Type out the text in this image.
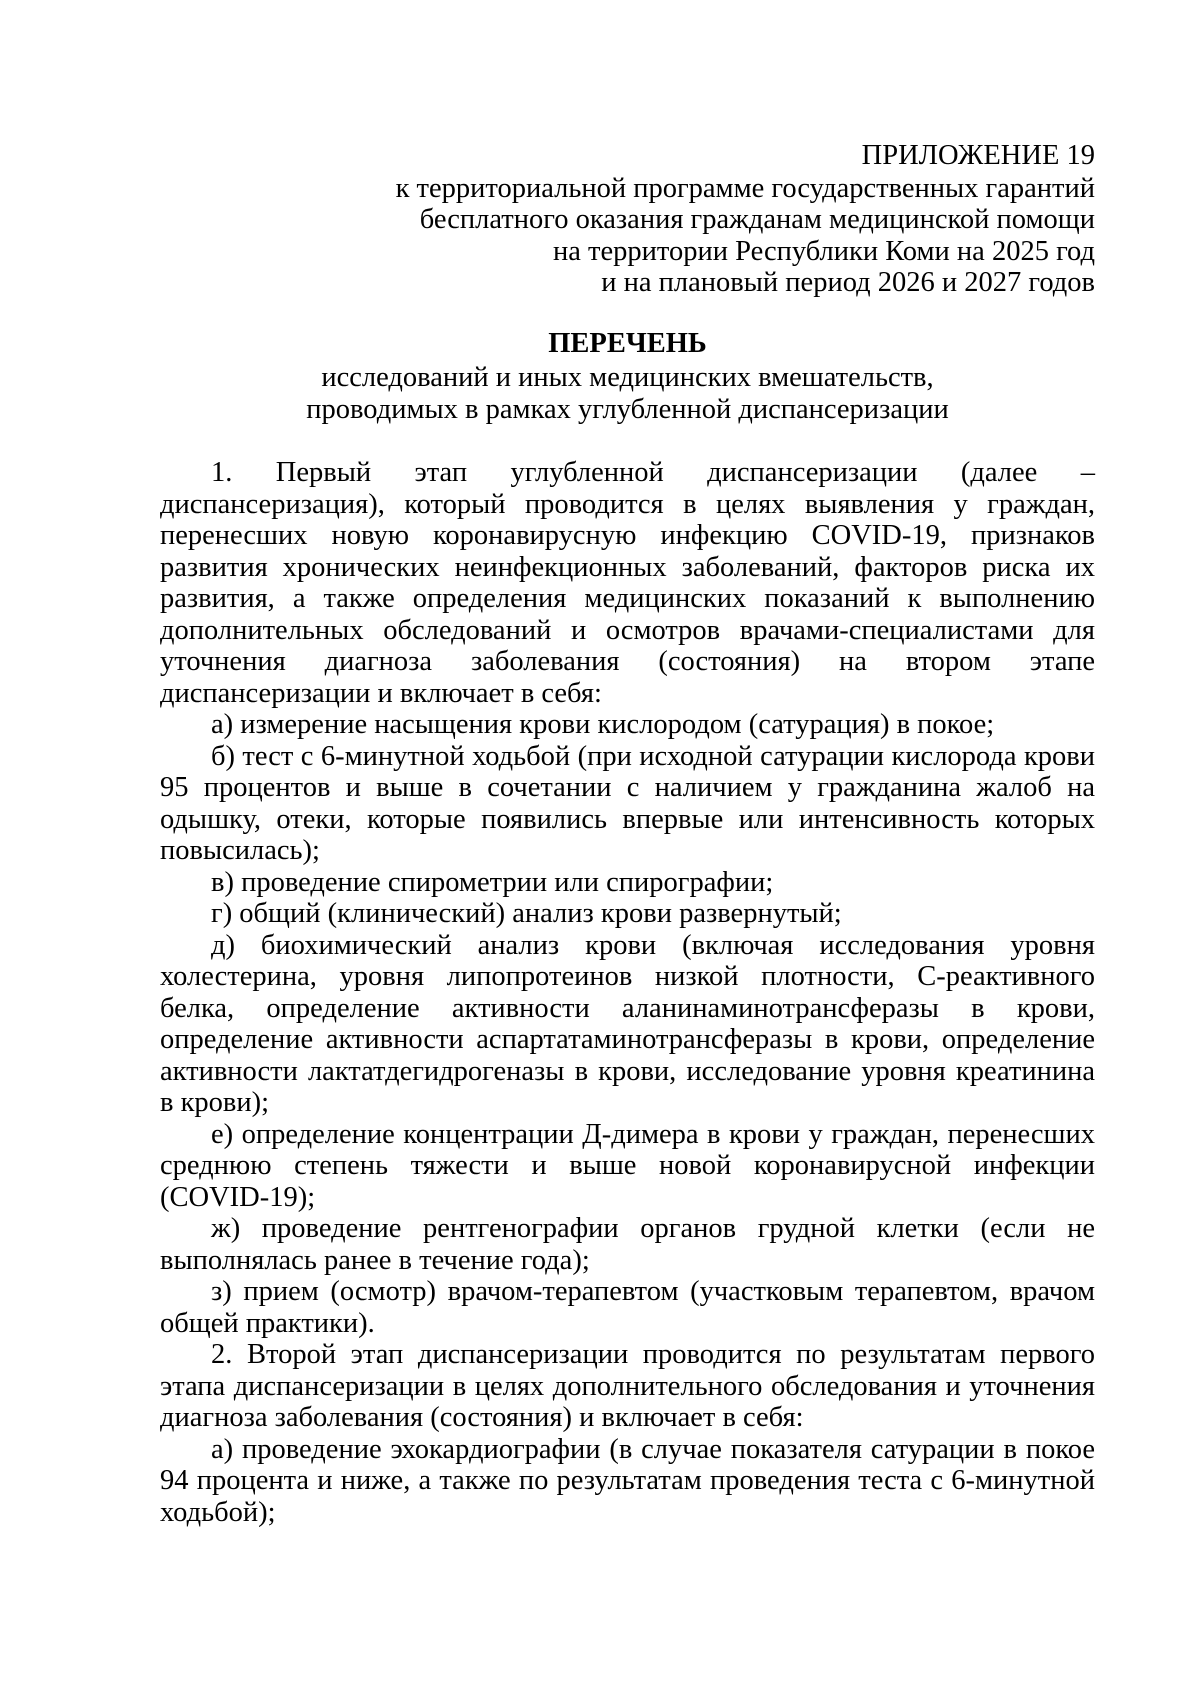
ПРИЛОЖЕНИЕ 19
к территориальной программе государственных гарантий
бесплатного оказания гражданам медицинской помощи
на территории Республики Коми на 2025 год
и на плановый период 2026 и 2027 годов
ПЕРЕЧЕНЬ
исследований и иных медицинских вмешательств,
проводимых в рамках углубленной диспансеризации

1. Первый этап углубленной диспансеризации (далее – диспансеризация), который проводится в целях выявления у граждан, перенесших новую коронавирусную инфекцию COVID-19, признаков развития хронических неинфекционных заболеваний, факторов риска их развития, а также определения медицинских показаний к выполнению дополнительных обследований и осмотров врачами-специалистами для уточнения диагноза заболевания (состояния) на втором этапе диспансеризации и включает в себя:

а) измерение насыщения крови кислородом (сатурация) в покое;

б) тест с 6-минутной ходьбой (при исходной сатурации кислорода крови 95 процентов и выше в сочетании с наличием у гражданина жалоб на одышку, отеки, которые появились впервые или интенсивность которых повысилась);

в) проведение спирометрии или спирографии;

г) общий (клинический) анализ крови развернутый;

д) биохимический анализ крови (включая исследования уровня холестерина, уровня липопротеинов низкой плотности, С-реактивного белка, определение активности аланинаминотрансферазы в крови, определение активности аспартатаминотрансферазы в крови, определение активности лактатдегидрогеназы в крови, исследование уровня креатинина в крови);

е) определение концентрации Д-димера в крови у граждан, перенесших среднюю степень тяжести и выше новой коронавирусной инфекции (COVID-19);

ж) проведение рентгенографии органов грудной клетки (если не выполнялась ранее в течение года);

з) прием (осмотр) врачом-терапевтом (участковым терапевтом, врачом общей практики).

2. Второй этап диспансеризации проводится по результатам первого этапа диспансеризации в целях дополнительного обследования и уточнения диагноза заболевания (состояния) и включает в себя:

а) проведение эхокардиографии (в случае показателя сатурации в покое 94 процента и ниже, а также по результатам проведения теста с 6-минутной ходьбой);
